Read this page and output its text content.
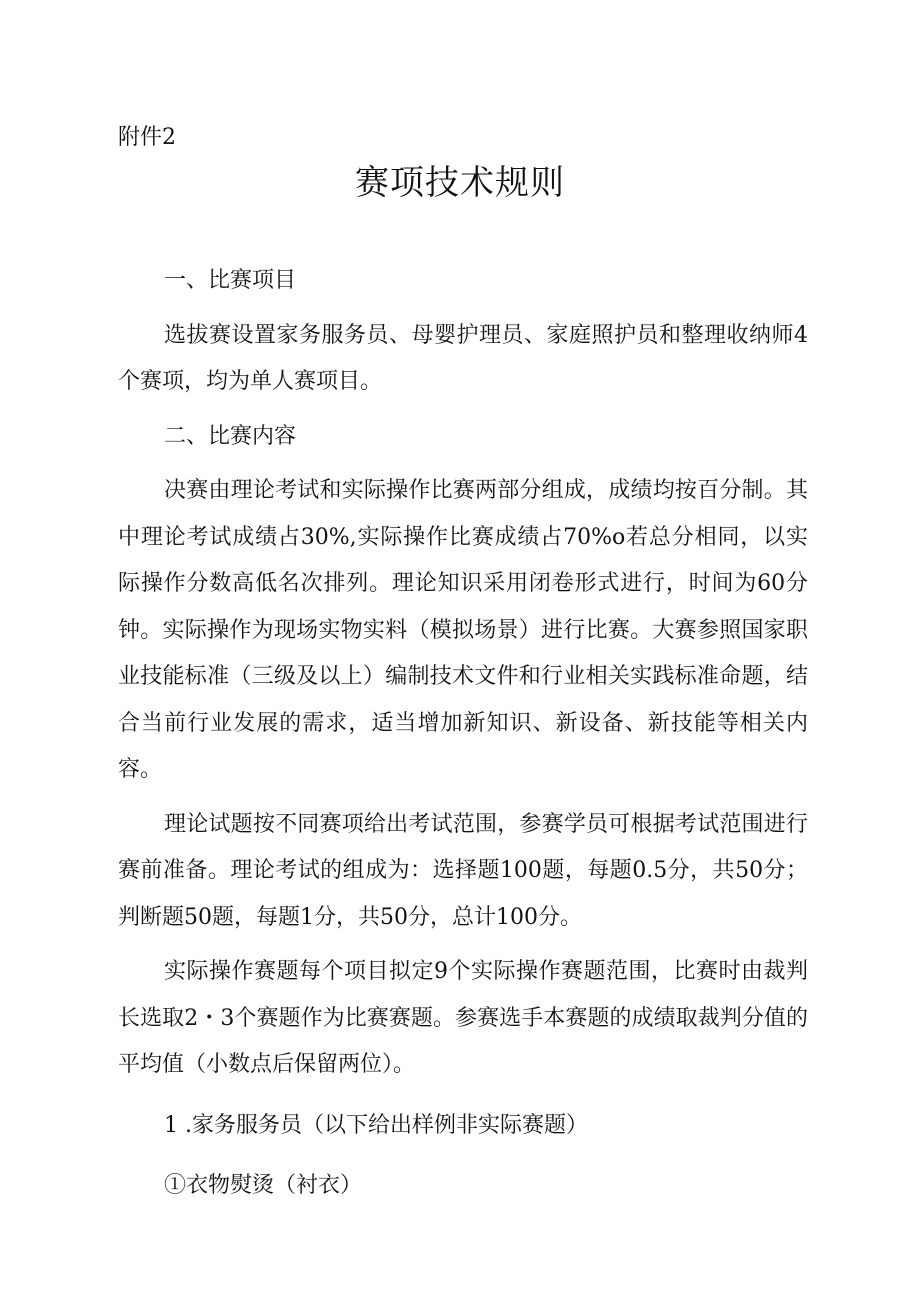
附件2
赛项技术规则

一、比赛项目

选拔赛设置家务服务员、母婴护理员、家庭照护员和整理收纳师4个赛项，均为单人赛项目。

二、比赛内容

决赛由理论考试和实际操作比赛两部分组成，成绩均按百分制。其中理论考试成绩占30%,实际操作比赛成绩占70%o若总分相同，以实际操作分数高低名次排列。理论知识采用闭卷形式进行，时间为60分钟。实际操作为现场实物实料（模拟场景）进行比赛。大赛参照国家职业技能标准（三级及以上）编制技术文件和行业相关实践标准命题，结合当前行业发展的需求，适当增加新知识、新设备、新技能等相关内容。

理论试题按不同赛项给出考试范围，参赛学员可根据考试范围进行赛前准备。理论考试的组成为：选择题100题，每题0.5分，共50分；判断题50题，每题1分，共50分，总计100分。

实际操作赛题每个项目拟定9个实际操作赛题范围，比赛时由裁判长选取2・3个赛题作为比赛赛题。参赛选手本赛题的成绩取裁判分值的平均值（小数点后保留两位）。

1 .家务服务员（以下给出样例非实际赛题）

①衣物熨烫（衬衣）
